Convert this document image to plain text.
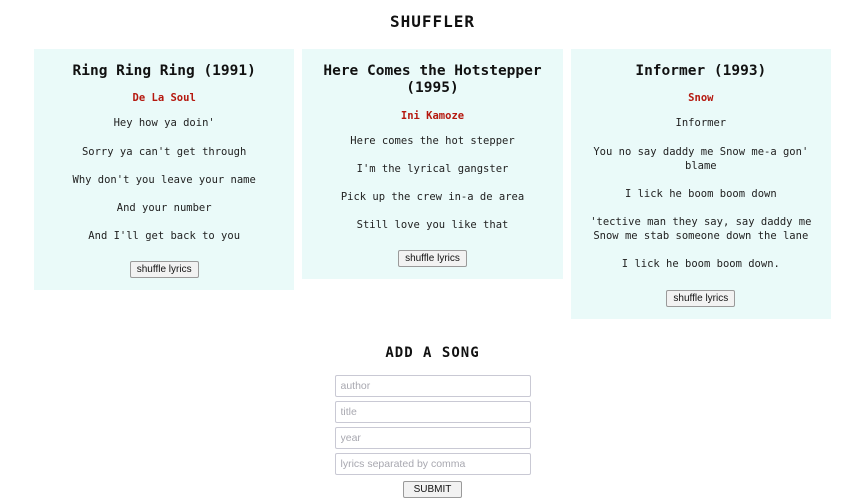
SHUFFLER
Ring Ring Ring (1991)
De La Soul
Hey how ya doin'
Sorry ya can't get through
Why don't you leave your name
And your number
And I'll get back to you
shuffle lyrics
Here Comes the Hotstepper (1995)
Ini Kamoze
Here comes the hot stepper
I'm the lyrical gangster
Pick up the crew in-a de area
Still love you like that
shuffle lyrics
Informer (1993)
Snow
Informer
You no say daddy me Snow me-a gon' blame
I lick he boom boom down
'tective man they say, say daddy me Snow me stab someone down the lane
I lick he boom boom down.
shuffle lyrics
ADD A SONG
author
title
year
lyrics separated by comma
SUBMIT
